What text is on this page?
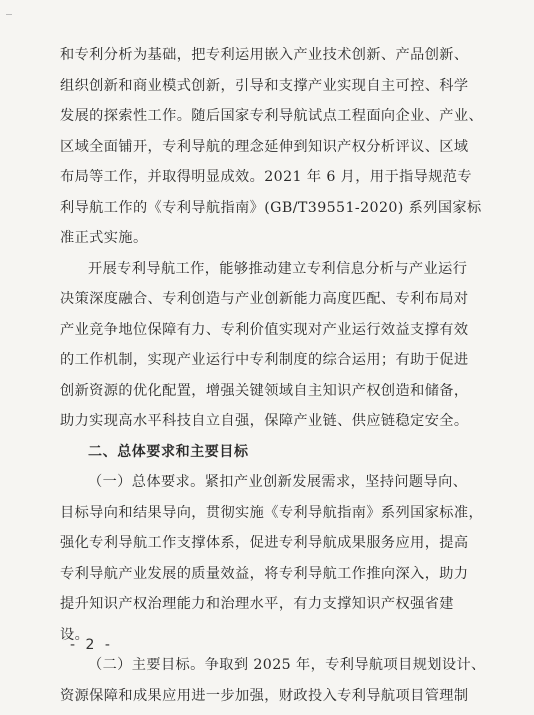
和专利分析为基础，把专利运用嵌入产业技术创新、产品创新、
组织创新和商业模式创新，引导和支撑产业实现自主可控、科学
发展的探索性工作。随后国家专利导航试点工程面向企业、产业、
区域全面铺开，专利导航的理念延伸到知识产权分析评议、区域
布局等工作，并取得明显成效。2021 年 6 月，用于指导规范专
利导航工作的《专利导航指南》(GB/T39551-2020) 系列国家标
准正式实施。

开展专利导航工作，能够推动建立专利信息分析与产业运行
决策深度融合、专利创造与产业创新能力高度匹配、专利布局对
产业竞争地位保障有力、专利价值实现对产业运行效益支撑有效
的工作机制，实现产业运行中专利制度的综合运用；有助于促进
创新资源的优化配置，增强关键领域自主知识产权创造和储备，
助力实现高水平科技自立自强，保障产业链、供应链稳定安全。

二、总体要求和主要目标

（一）总体要求。紧扣产业创新发展需求，坚持问题导向、
目标导向和结果导向，贯彻实施《专利导航指南》系列国家标准，
强化专利导航工作支撑体系，促进专利导航成果服务应用，提高
专利导航产业发展的质量效益，将专利导航工作推向深入，助力
提升知识产权治理能力和治理水平，有力支撑知识产权强省建
设。

（二）主要目标。争取到 2025 年，专利导航项目规划设计、
资源保障和成果应用进一步加强，财政投入专利导航项目管理制

- 2 -
